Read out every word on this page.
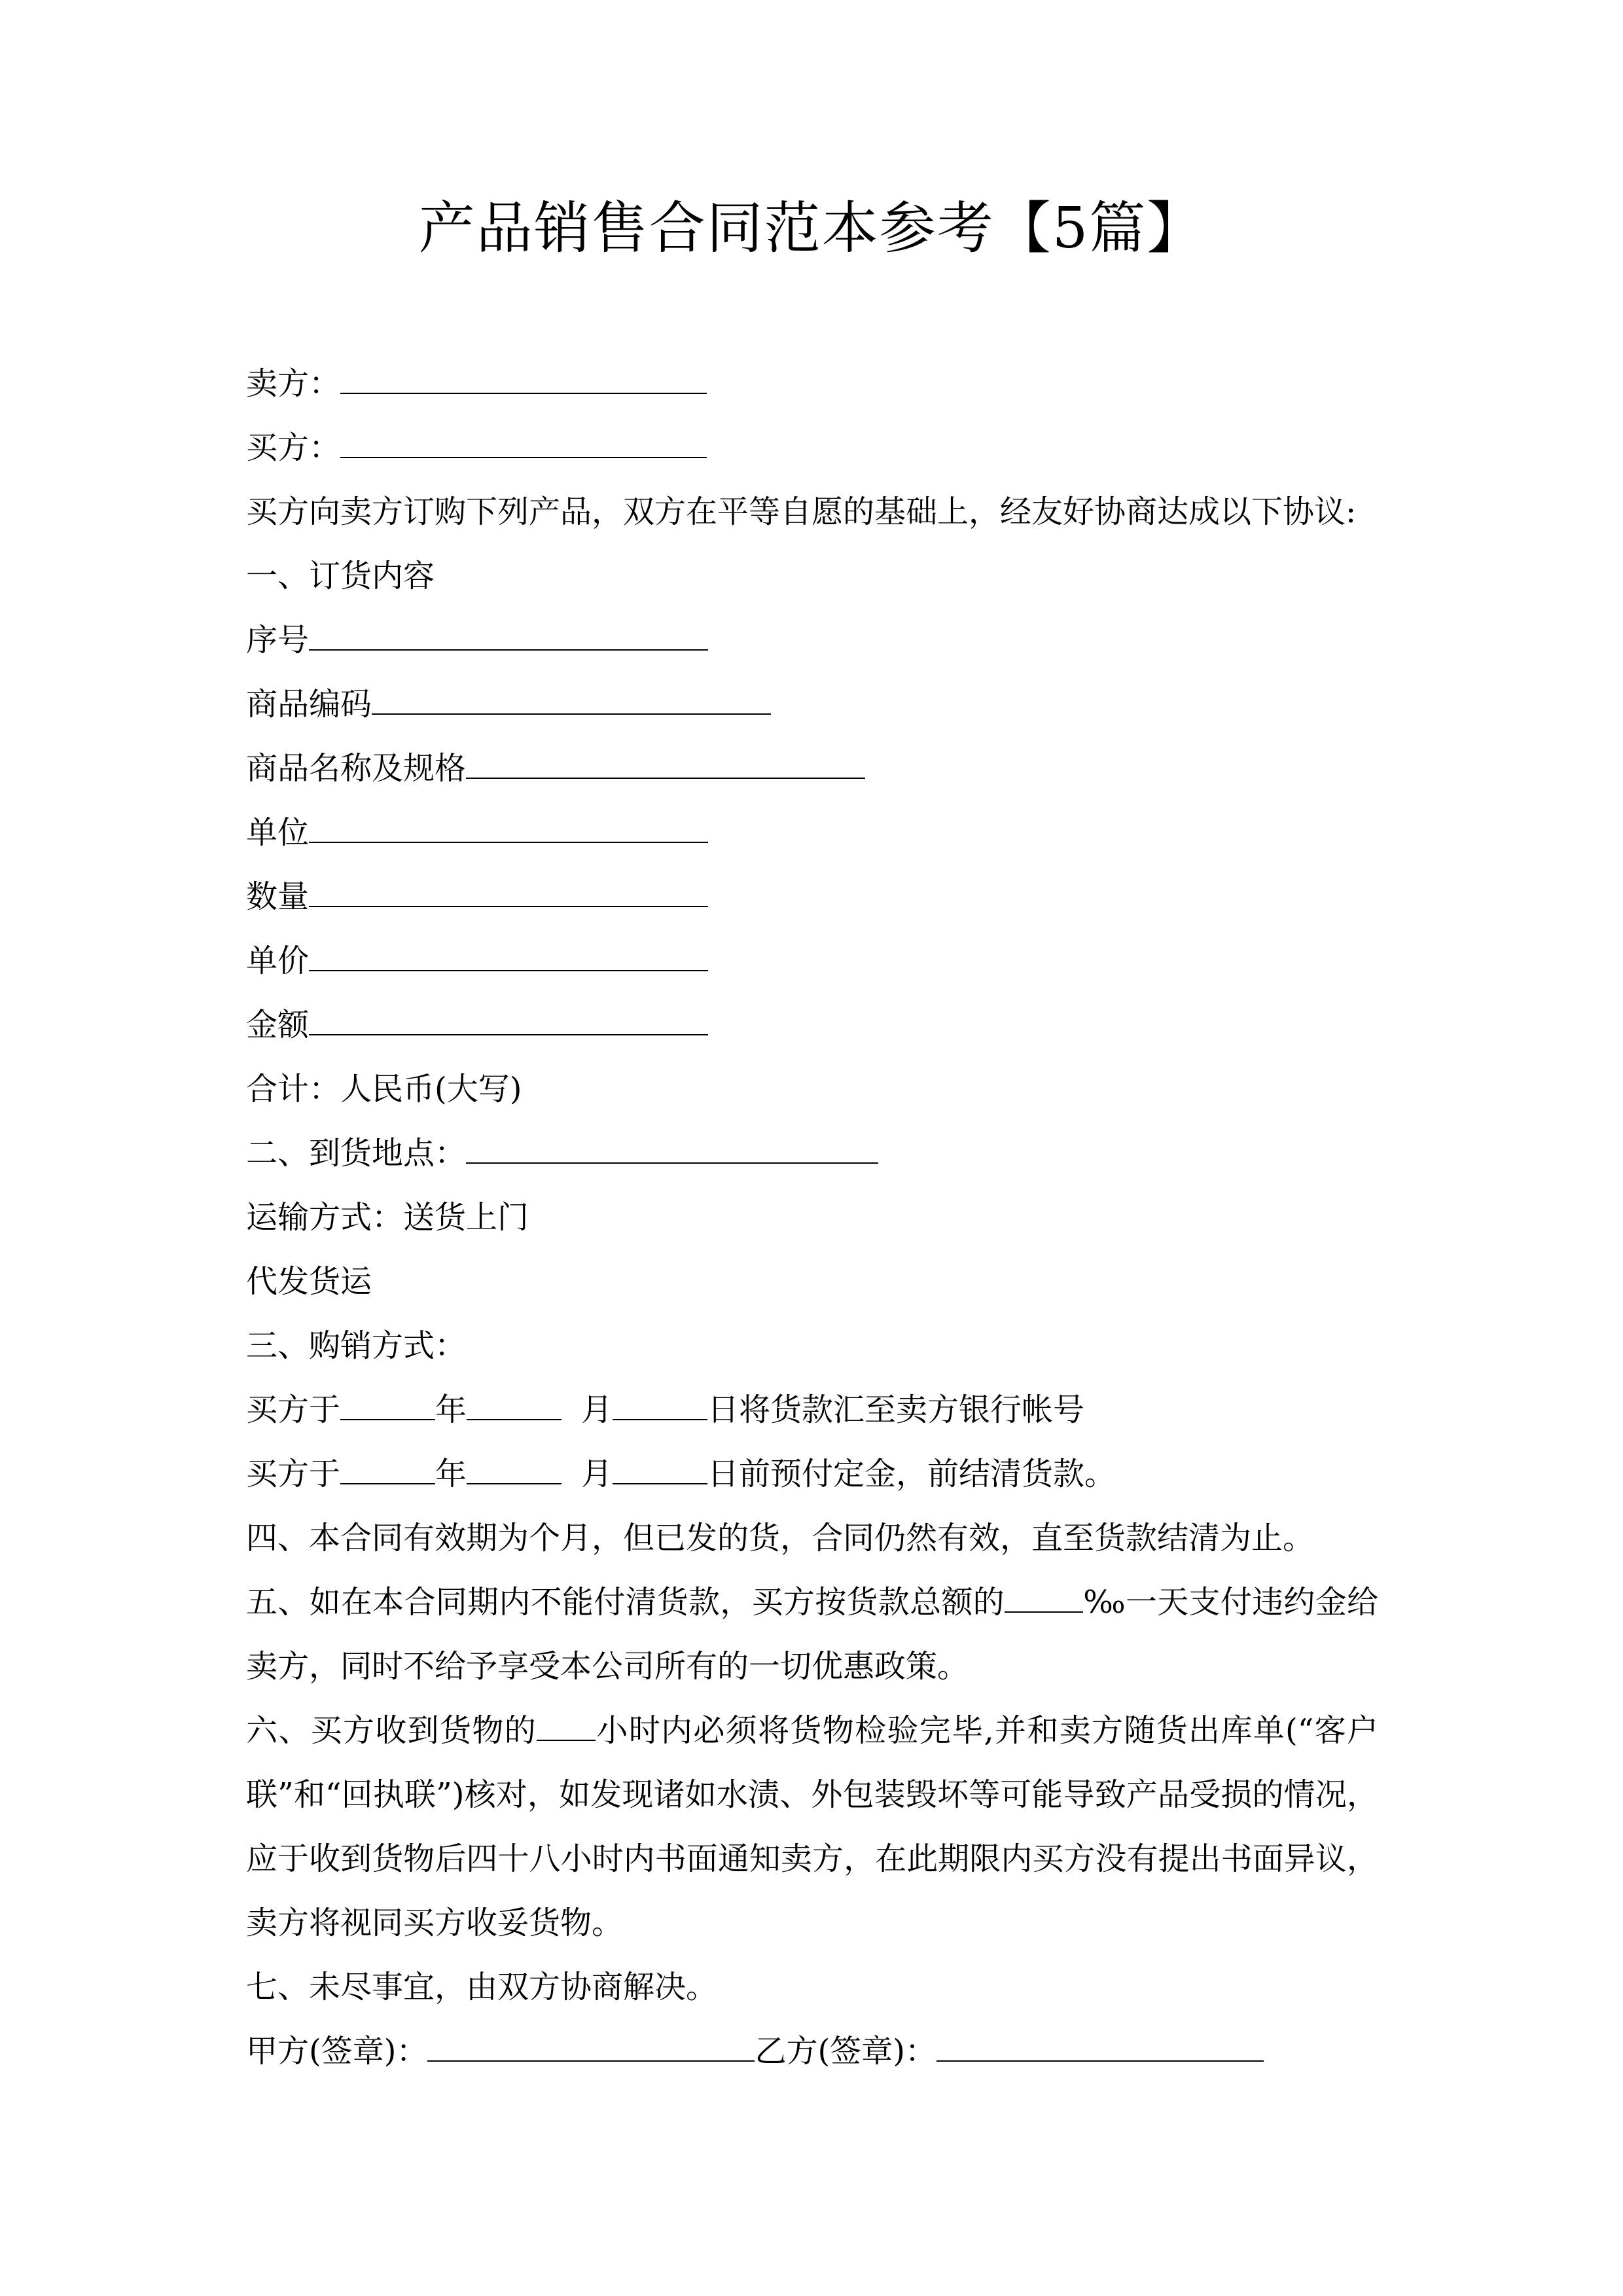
产品销售合同范本参考【5篇】
卖方：
买方：
买方向卖方订购下列产品，双方在平等自愿的基础上，经友好协商达成以下协议:
一、订货内容
序号
商品编码
商品名称及规格
单位
数量
单价
金额
合计：人民币(大写)
二、到货地点：
运输方式：送货上门
代发货运
三、购销方式：
买方于	年	月	日将货款汇至卖方银行帐号
买方于	年	月	日前预付定金，前结清货款。
四、本合同有效期为个月，但已发的货，合同仍然有效，直至货款结清为止。
五、如在本合同期内不能付清货款，买方按货款总额的	‰一天支付违约金给卖方，同时不给予享受本公司所有的一切优惠政策。
六、买方收到货物的 小时内必须将货物检验完毕,并和卖方随货出库单(“客户联”和“回执联”)核对，如发现诸如水渍、外包装毁坏等可能导致产品受损的情况，应于收到货物后四十八小时内书面通知卖方，在此期限内买方没有提出书面异议，卖方将视同买方收妥货物。
七、未尽事宜，由双方协商解决。
甲方(签章)：	乙方(签章)：
